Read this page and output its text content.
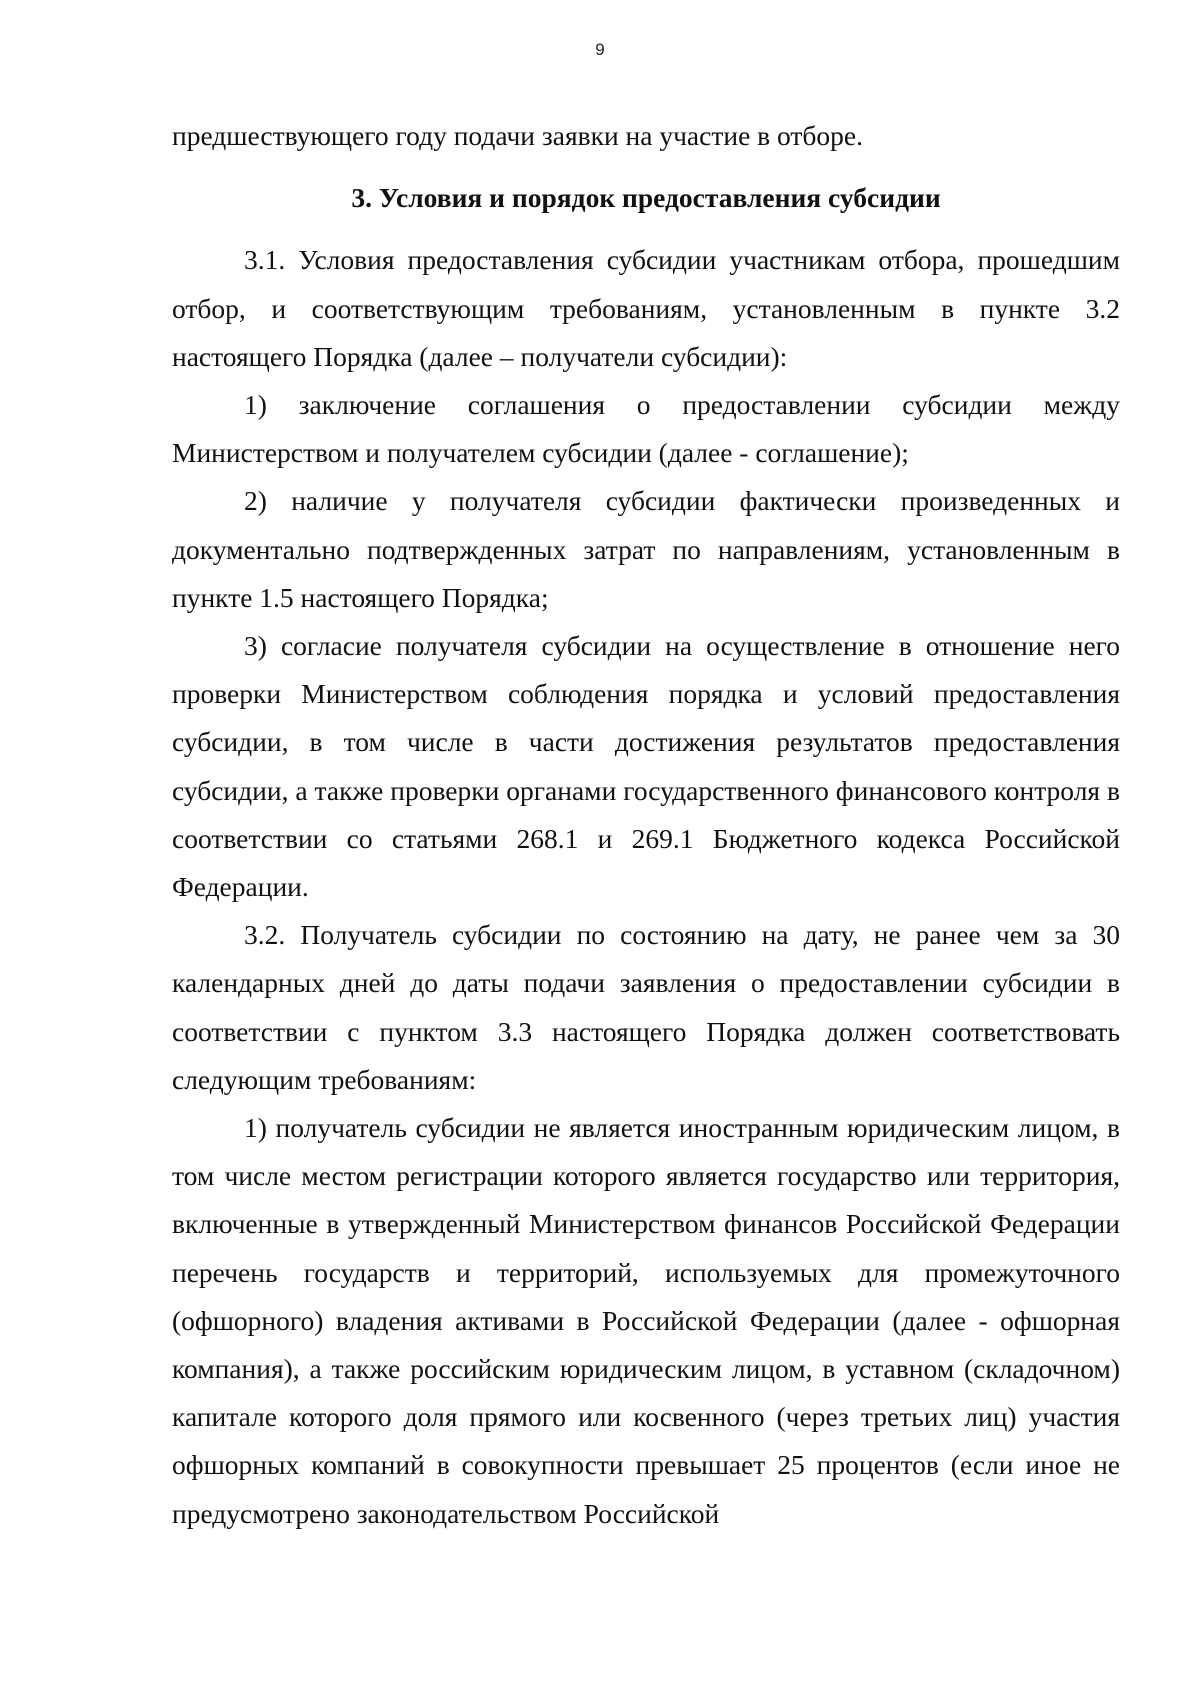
9

предшествующего году подачи заявки на участие в отборе.

3. Условия и порядок предоставления субсидии

3.1. Условия предоставления субсидии участникам отбора, прошедшим отбор, и соответствующим требованиям, установленным в пункте 3.2 настоящего Порядка (далее – получатели субсидии):

1) заключение соглашения о предоставлении субсидии между Министерством и получателем субсидии (далее - соглашение);

2) наличие у получателя субсидии фактически произведенных и документально подтвержденных затрат по направлениям, установленным в пункте 1.5 настоящего Порядка;

3) согласие получателя субсидии на осуществление в отношение него проверки Министерством соблюдения порядка и условий предоставления субсидии, в том числе в части достижения результатов предоставления субсидии, а также проверки органами государственного финансового контроля в соответствии со статьями 268.1 и 269.1 Бюджетного кодекса Российской Федерации.

3.2. Получатель субсидии по состоянию на дату, не ранее чем за 30 календарных дней до даты подачи заявления о предоставлении субсидии в соответствии с пунктом 3.3 настоящего Порядка должен соответствовать следующим требованиям:

1) получатель субсидии не является иностранным юридическим лицом, в том числе местом регистрации которого является государство или территория, включенные в утвержденный Министерством финансов Российской Федерации перечень государств и территорий, используемых для промежуточного (офшорного) владения активами в Российской Федерации (далее - офшорная компания), а также российским юридическим лицом, в уставном (складочном) капитале которого доля прямого или косвенного (через третьих лиц) участия офшорных компаний в совокупности превышает 25 процентов (если иное не предусмотрено законодательством Российской
